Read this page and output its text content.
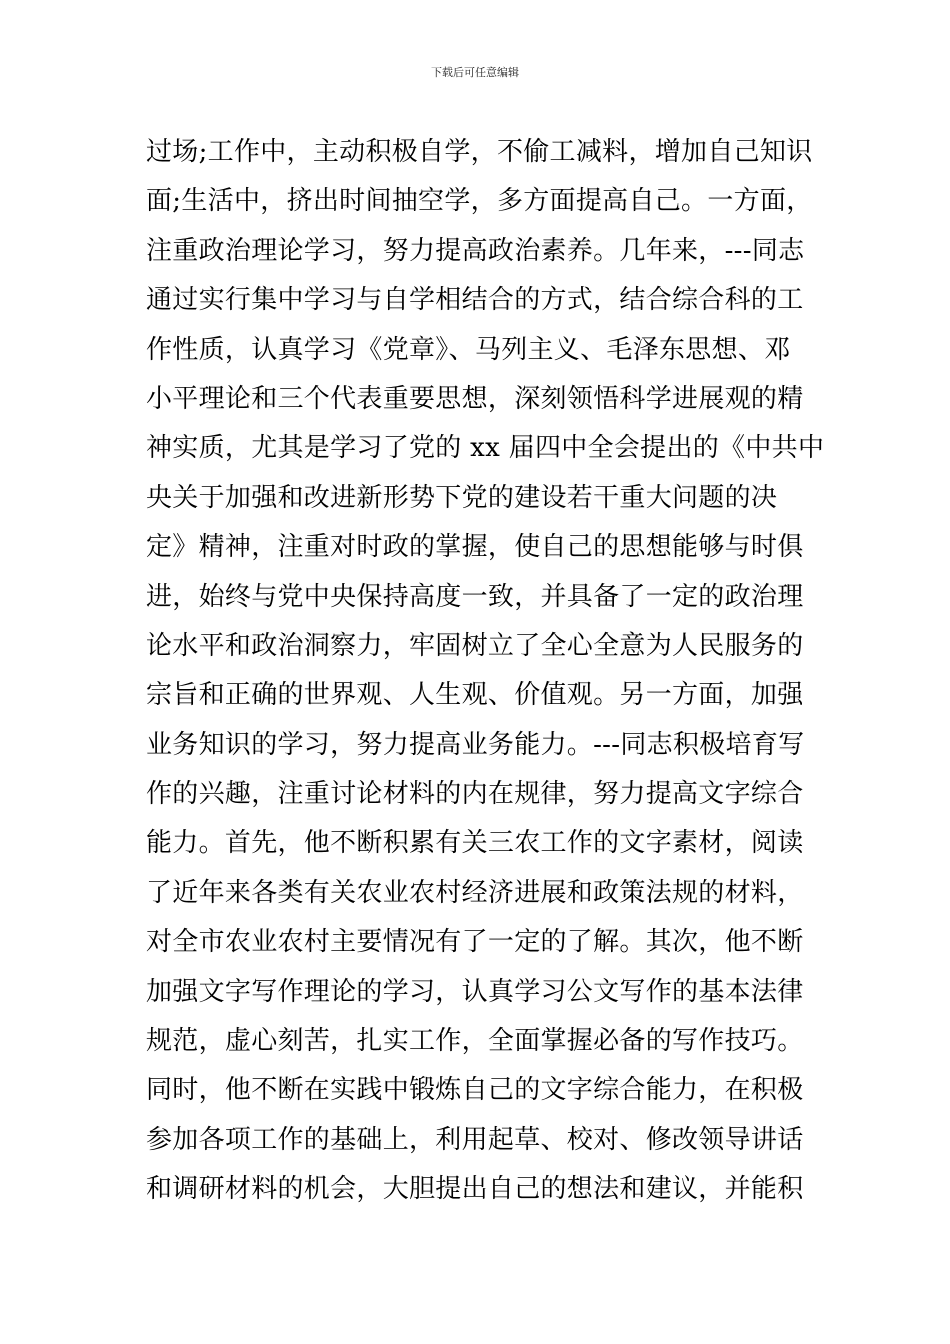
下载后可任意编辑
过场;工作中，主动积极自学，不偷工减料，增加自己知识
面;生活中，挤出时间抽空学，多方面提高自己。一方面，
注重政治理论学习，努力提高政治素养。几年来，---同志
通过实行集中学习与自学相结合的方式，结合综合科的工
作性质，认真学习《党章》、马列主义、毛泽东思想、邓
小平理论和三个代表重要思想，深刻领悟科学进展观的精
神实质，尤其是学习了党的 xx 届四中全会提出的《中共中
央关于加强和改进新形势下党的建设若干重大问题的决
定》精神，注重对时政的掌握，使自己的思想能够与时俱
进，始终与党中央保持高度一致，并具备了一定的政治理
论水平和政治洞察力，牢固树立了全心全意为人民服务的
宗旨和正确的世界观、人生观、价值观。另一方面，加强
业务知识的学习，努力提高业务能力。---同志积极培育写
作的兴趣，注重讨论材料的内在规律，努力提高文字综合
能力。首先，他不断积累有关三农工作的文字素材，阅读
了近年来各类有关农业农村经济进展和政策法规的材料，
对全市农业农村主要情况有了一定的了解。其次，他不断
加强文字写作理论的学习，认真学习公文写作的基本法律
规范，虚心刻苦，扎实工作，全面掌握必备的写作技巧。
同时，他不断在实践中锻炼自己的文字综合能力，在积极
参加各项工作的基础上，利用起草、校对、修改领导讲话
和调研材料的机会，大胆提出自己的想法和建议，并能积
